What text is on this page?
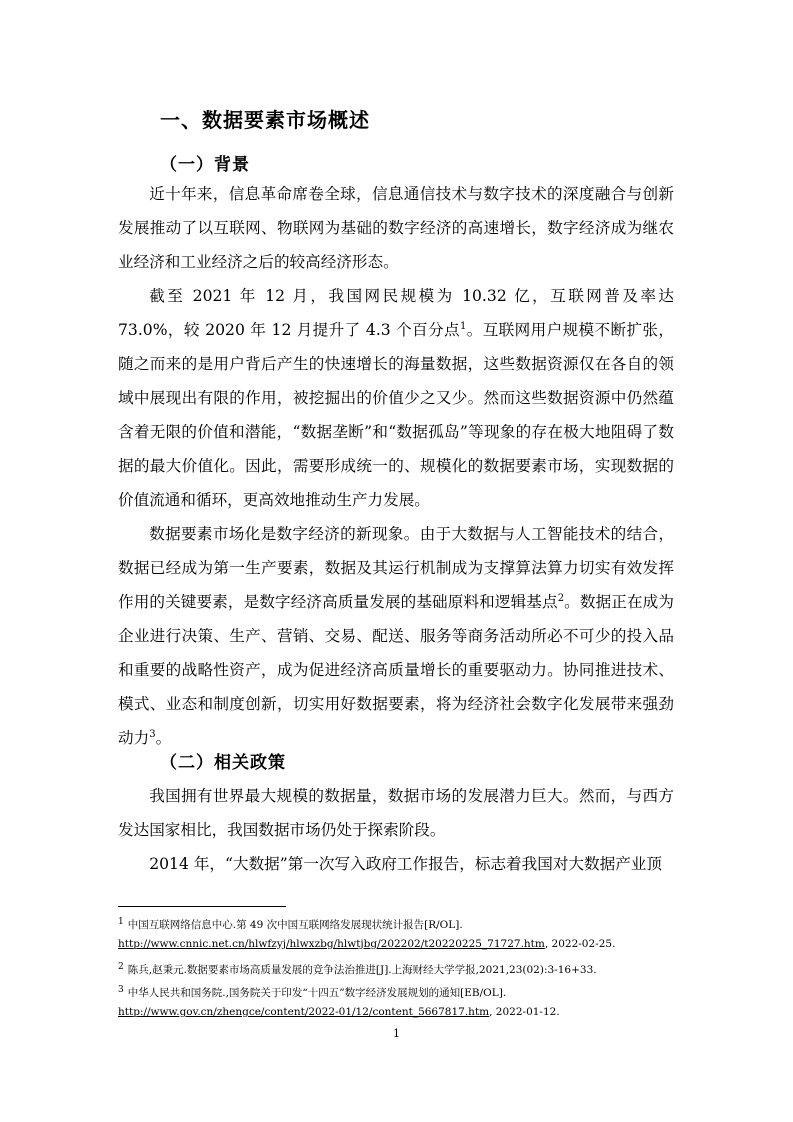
一、数据要素市场概述
（一）背景

近十年来，信息革命席卷全球，信息通信技术与数字技术的深度融合与创新发展推动了以互联网、物联网为基础的数字经济的高速增长，数字经济成为继农业经济和工业经济之后的较高经济形态。

截至 2021 年 12 月，我国网民规模为 10.32 亿，互联网普及率达 73.0%，较 2020 年 12 月提升了 4.3 个百分点$^1$。互联网用户规模不断扩张，随之而来的是用户背后产生的快速增长的海量数据，这些数据资源仅在各自的领域中展现出有限的作用，被挖掘出的价值少之又少。然而这些数据资源中仍然蕴含着无限的价值和潜能，“数据垄断”和“数据孤岛”等现象的存在极大地阻碍了数据的最大价值化。因此，需要形成统一的、规模化的数据要素市场，实现数据的价值流通和循环，更高效地推动生产力发展。

数据要素市场化是数字经济的新现象。由于大数据与人工智能技术的结合，数据已经成为第一生产要素，数据及其运行机制成为支撑算法算力切实有效发挥作用的关键要素，是数字经济高质量发展的基础原料和逻辑基点$^2$。数据正在成为企业进行决策、生产、营销、交易、配送、服务等商务活动所必不可少的投入品和重要的战略性资产，成为促进经济高质量增长的重要驱动力。协同推进技术、模式、业态和制度创新，切实用好数据要素，将为经济社会数字化发展带来强劲动力$^3$。

（二）相关政策

我国拥有世界最大规模的数据量，数据市场的发展潜力巨大。然而，与西方发达国家相比，我国数据市场仍处于探索阶段。

2014 年，“大数据”第一次写入政府工作报告，标志着我国对大数据产业顶

1 中国互联网络信息中心.第 49 次中国互联网络发展现状统计报告[R/OL].
http://www.cnnic.net.cn/hlwfzyj/hlwxzbg/hlwtjbg/202202/t20220225_71727.htm, 2022-02-25.
2 陈兵,赵秉元.数据要素市场高质量发展的竞争法治推进[J].上海财经大学学报,2021,23(02):3-16+33.
3 中华人民共和国务院.,国务院关于印发“十四五”数字经济发展规划的通知[EB/OL].
http://www.gov.cn/zhengce/content/2022-01/12/content_5667817.htm, 2022-01-12.
1
